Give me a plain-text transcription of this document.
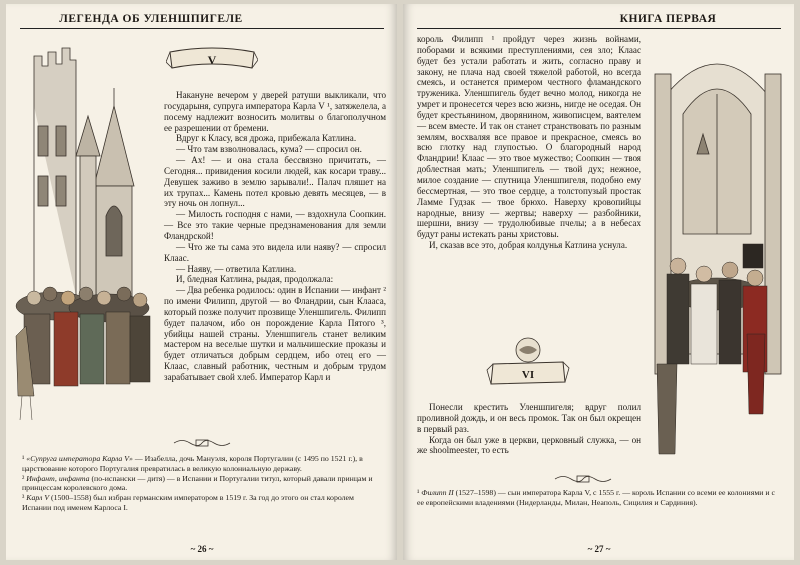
ЛЕГЕНДА ОБ УЛЕНШПИГЕЛЕ
V

Накануне вечером у дверей ратуши выкликали, что государыня, супруга императора Карла V ¹, затяжелела, а посему надлежит возносить молитвы о благополучном ее разрешении от бремени.

Вдруг к Класу, вся дрожа, прибежала Катлина.

— Что там взволновалась, кума? — спросил он.

— Ах! — и она стала бессвязно причитать, — Сегодня... привидения косили людей, как косари траву... Девушек заживо в землю зарывали!.. Палач пляшет на их трупах... Камень потел кровью девять месяцев, — в эту ночь он лопнул...

— Милость господня с нами, — вздохнула Соопкин. — Все это такие черные предзнаменования для земли Фландрской!

— Что же ты сама это видела или наяву? — спросил Клаас.

— Наяву, — ответила Катлина.

И, бледная Катлина, рыдая, продолжала:

— Два ребенка родилось: один в Испании — инфант ² по имени Филипп, другой — во Фландрии, сын Клааса, который позже получит прозвище Уленшпигель. Филипп будет палачом, ибо он порождение Карла Пятого ³, убийцы нашей страны. Уленшпигель станет великим мастером на веселые шутки и мальчишеские проказы и будет отличаться добрым сердцем, ибо отец его — Клаас, славный работник, честным и добрым трудом зарабатывает свой хлеб. Император Карл и

¹ «Супруга императора Карла V» — Изабелла, дочь Мануэля, короля Португалии (с 1495 по 1521 г.), в царствование которого Португалия превратилась в великую колониальную державу.

² Инфант, инфанта (по-испански — дитя) — в Испании и Португалии титул, который давали принцам и принцессам королевского дома.

³ Карл V (1500–1558) был избран германским императором в 1519 г. За год до этого он стал королем Испании под именем Карлоса I.

~ 26 ~
КНИГА ПЕРВАЯ

король Филипп ¹ пройдут через жизнь войнами, поборами и всякими преступлениями, сея зло; Клаас будет без устали работать и жить, согласно праву и закону, не плача над своей тяжелой работой, но всегда смеясь, и останется примером честного фламандского труженика. Уленшпигель будет вечно молод, никогда не умрет и пронесется через всю жизнь, нигде не оседая. Он будет крестьянином, дворянином, живописцем, ваятелем — всем вместе. И так он станет странствовать по разным землям, восхваляя все правое и прекрасное, смеясь во всю глотку над глупостью. О благородный народ Фландрии! Клаас — это твое мужество; Соопкин — твоя доблестная мать; Уленшпигель — твой дух; нежное, милое создание — спутница Уленшпигеля, подобно ему бессмертная, — это твое сердце, а толстопузый простак Ламме Гудзак — твое брюхо. Наверху кровопийцы народные, внизу — жертвы; наверху — разбойники, шершни, внизу — трудолюбивые пчелы; а в небесах будут раны истекать раны христовы.

И, сказав все это, добрая колдунья Катлина уснула.

VI

Понесли крестить Уленшпигеля; вдруг полил проливной дождь, и он весь промок. Так он был окрещен в первый раз.

Когда он был уже в церкви, церковный служка, — он же shoolmeester, то есть

¹ Филипп II (1527–1598) — сын императора Карла V, с 1555 г. — король Испании со всеми ее колониями и с ее европейскими владениями (Нидерланды, Милан, Неаполь, Сицилия и Сардиния).

~ 27 ~
